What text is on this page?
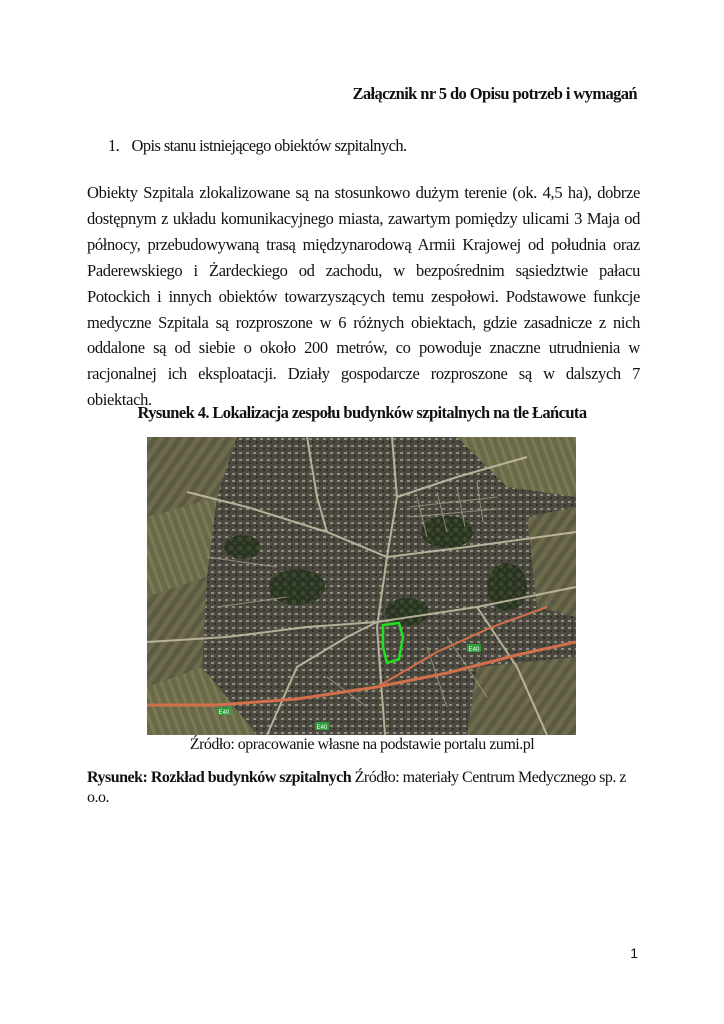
Załącznik nr 5 do Opisu potrzeb i wymagań
1. Opis stanu istniejącego obiektów szpitalnych.

Obiekty Szpitala zlokalizowane są na stosunkowo dużym terenie (ok. 4,5 ha), dobrze dostępnym z układu komunikacyjnego miasta, zawartym pomiędzy ulicami 3 Maja od północy, przebudowywaną trasą międzynarodową Armii Krajowej od południa oraz Paderewskiego i Żardeckiego od zachodu, w bezpośrednim sąsiedztwie pałacu Potockich i innych obiektów towarzyszących temu zespołowi. Podstawowe funkcje medyczne Szpitala są rozproszone w 6 różnych obiektach, gdzie zasadnicze z nich oddalone są od siebie o około 200 metrów, co powoduje znaczne utrudnienia w racjonalnej ich eksploatacji. Działy gospodarcze rozproszone są w dalszych 7 obiektach.

Rysunek 4. Lokalizacja zespołu budynków szpitalnych na tle Łańcuta
E40
E40
E40
Źródło: opracowanie własne na podstawie portalu zumi.pl
Rysunek: Rozkład budynków szpitalnych Źródło: materiały Centrum Medycznego sp. z o.o.
1
